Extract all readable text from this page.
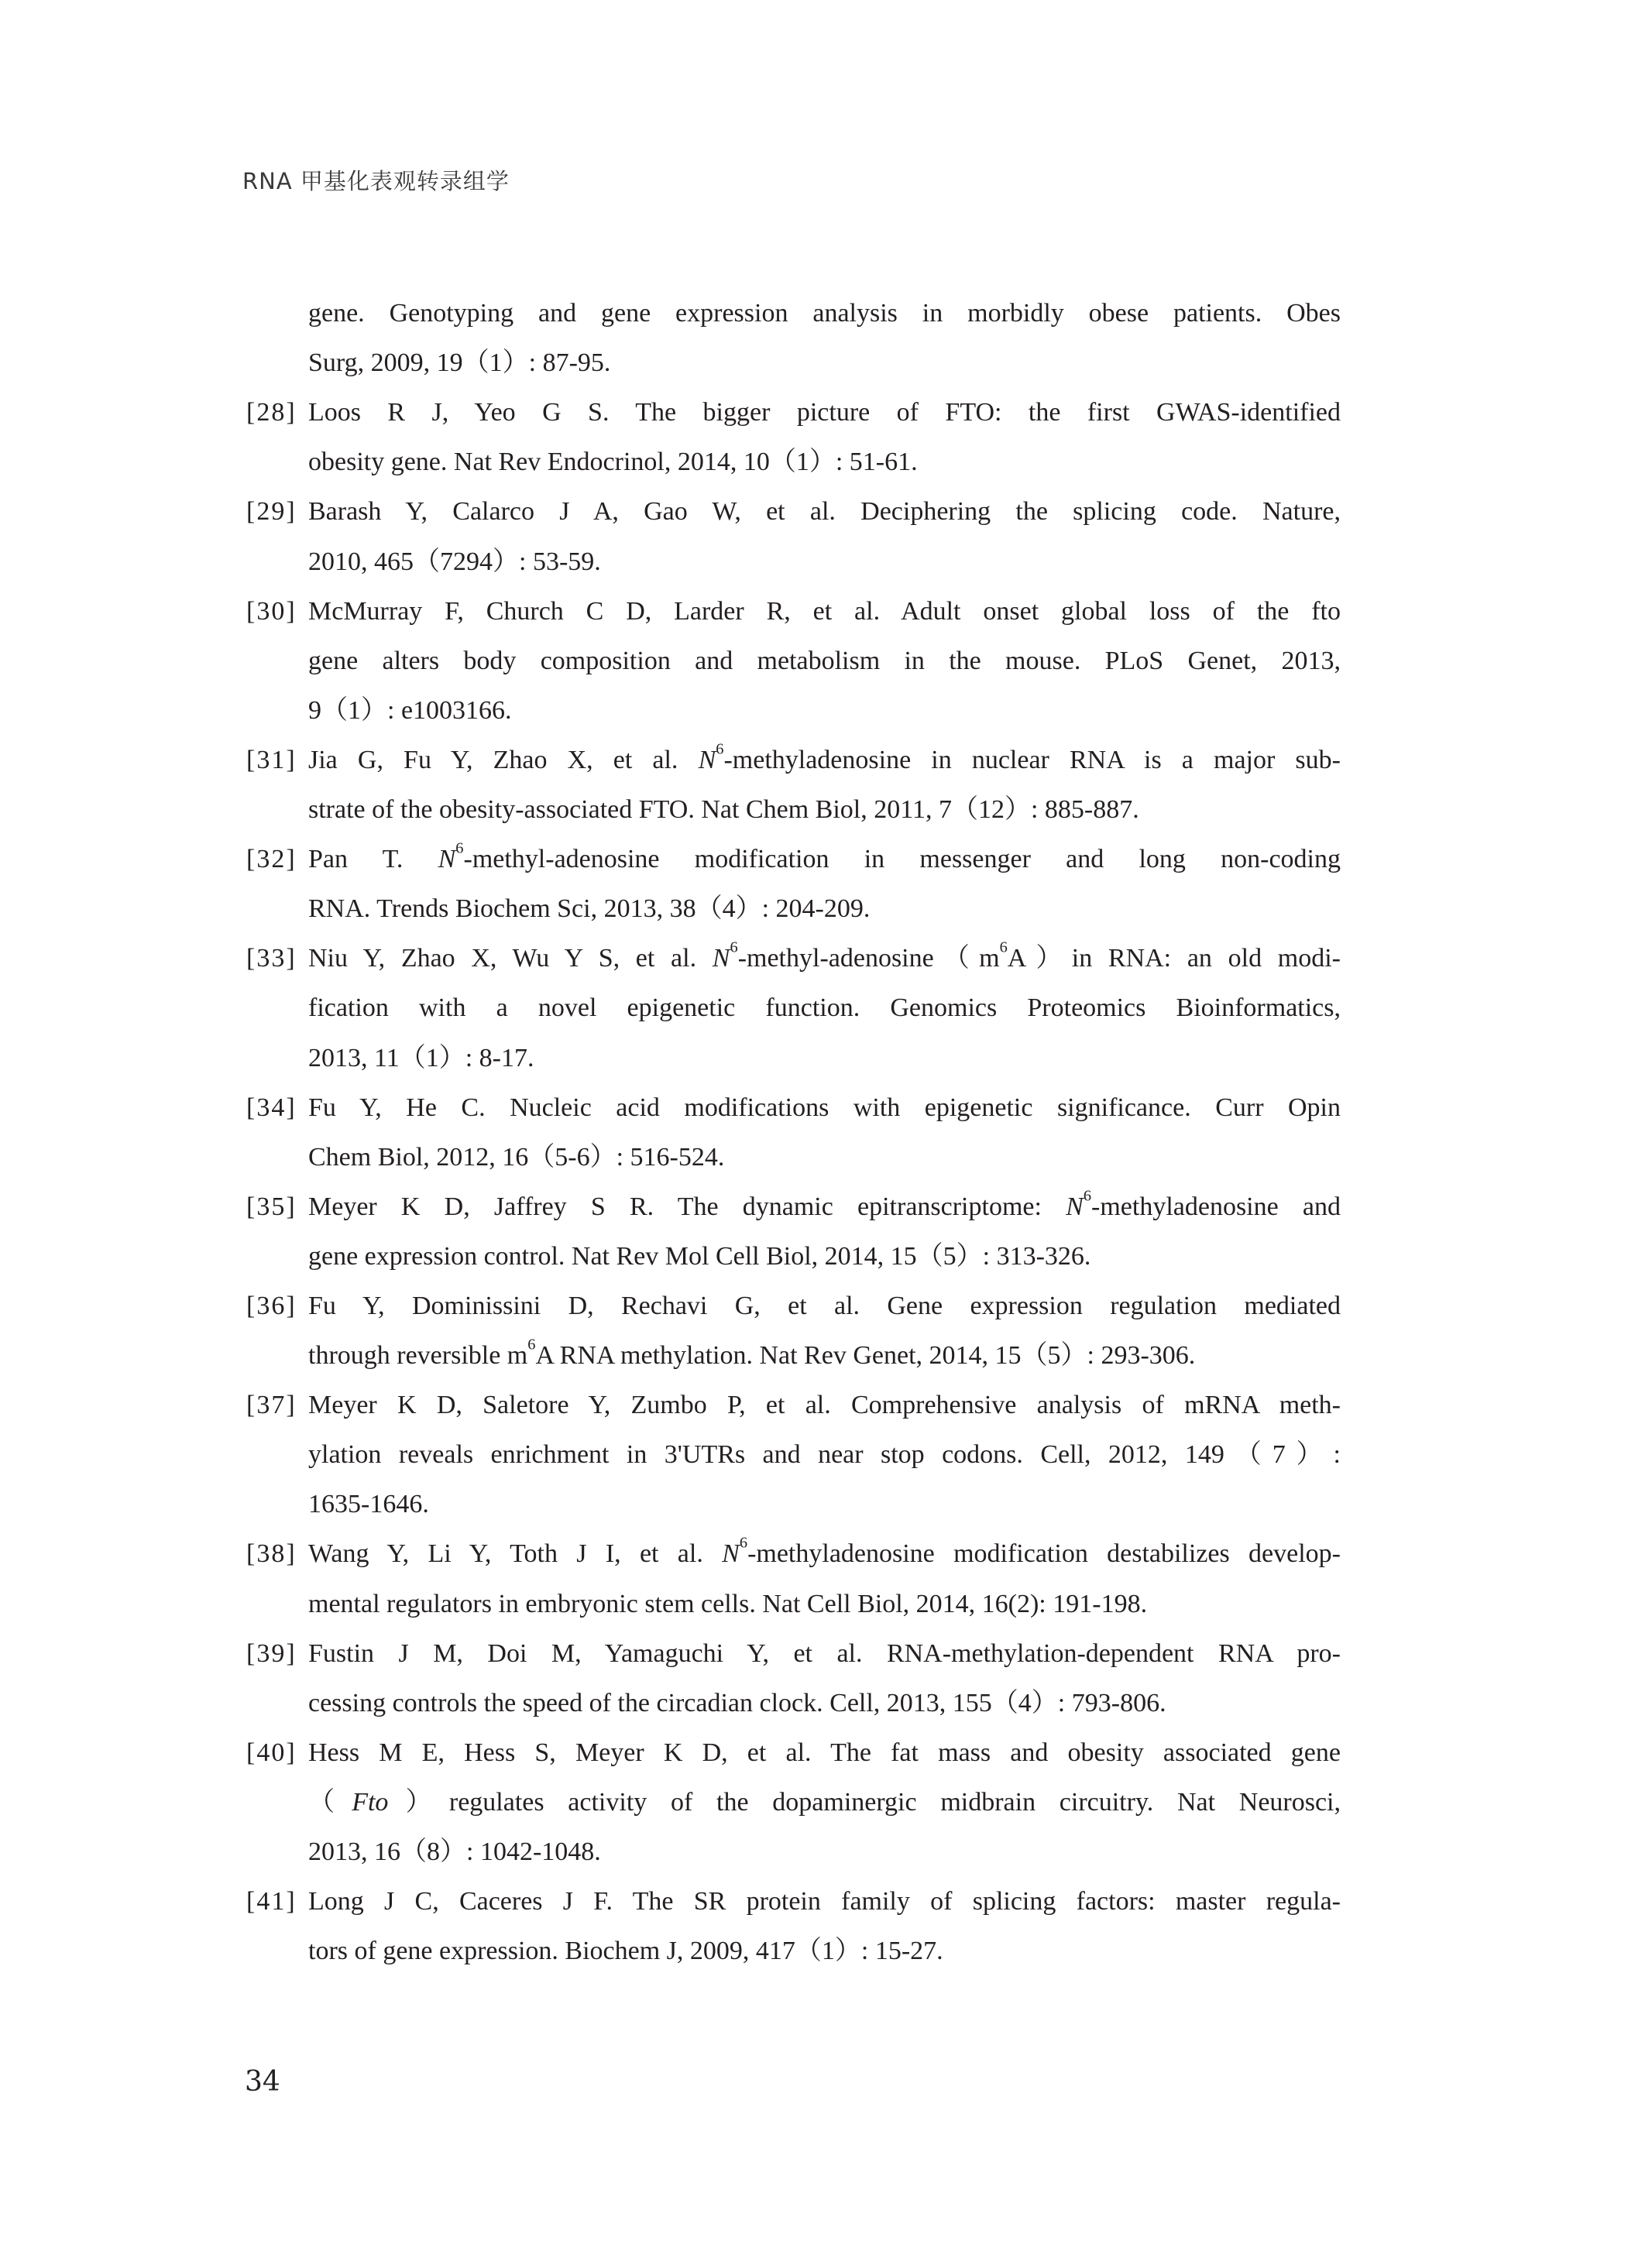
RNA 甲基化表观转录组学
gene. Genotyping and gene expression analysis in morbidly obese patients. Obes
Surg, 2009, 19（1）: 87-95.
[28] Loos R J, Yeo G S. The bigger picture of FTO: the first GWAS-identified
obesity gene. Nat Rev Endocrinol, 2014, 10（1）: 51-61.
[29] Barash Y, Calarco J A, Gao W, et al. Deciphering the splicing code. Nature,
2010, 465（7294）: 53-59.
[30] McMurray F, Church C D, Larder R, et al. Adult onset global loss of the fto
gene alters body composition and metabolism in the mouse. PLoS Genet, 2013,
9（1）: e1003166.
[31] Jia G, Fu Y, Zhao X, et al. $N^6$-methyladenosine in nuclear RNA is a major sub-
strate of the obesity-associated FTO. Nat Chem Biol, 2011, 7（12）: 885-887.
[32] Pan T. $N^6-methyl$-adenosine modification in messenger and long non-coding
RNA. Trends Biochem Sci, 2013, 38（4）: 204-209.
[33] Niu Y, Zhao X, Wu Y S, et al. $N^6-methyl-adenosine(m^6A)in$ RNA: an old modi-
fication with a novel epigenetic function. Genomics Proteomics Bioinformatics,
2013, 11（1）: 8-17.
[34] Fu Y, He C. Nucleic acid modifications with epigenetic significance. Curr Opin
Chem Biol, 2012, 16（5-6）: 516-524.
[35] Meyer K D, Jaffrey S R. The dynamic epitranscriptome: $N^6$-methyladenosine and
gene expression control. Nat Rev Mol Cell Biol, 2014, 15（5）: 313-326.
[36] Fu Y, Dominissini D, Rechavi G, et al. Gene expression regulation mediated
through reversible $m^6A$ RNA methylation. Nat Rev Genet, 2014, 15（5）: 293-306.
[37] Meyer K D, Saletore Y, Zumbo P, et al. Comprehensive analysis of mRNA meth-
ylation reveals enrichment in 3'UTRs and near stop codons. Cell, 2012, 149（7）:
1635-1646.
[38] Wang Y, Li Y, Toth J I, et al. $N^6$-methyladenosine modification destabilizes develop-
mental regulators in embryonic stem cells. Nat Cell Biol, 2014, 16(2): 191-198.
[39] Fustin J M, Doi M, Yamaguchi Y, et al. RNA-methylation-dependent RNA pro-
cessing controls the speed of the circadian clock. Cell, 2013, 155（4）: 793-806.
[40] Hess M E, Hess S, Meyer K D, et al. The fat mass and obesity associated gene
（Fto）regulates activity of the dopaminergic midbrain circuitry. Nat Neurosci,
2013, 16（8）: 1042-1048.
[41] Long J C, Caceres J F. The SR protein family of splicing factors: master regula-
tors of gene expression. Biochem J, 2009, 417（1）: 15-27.
34
